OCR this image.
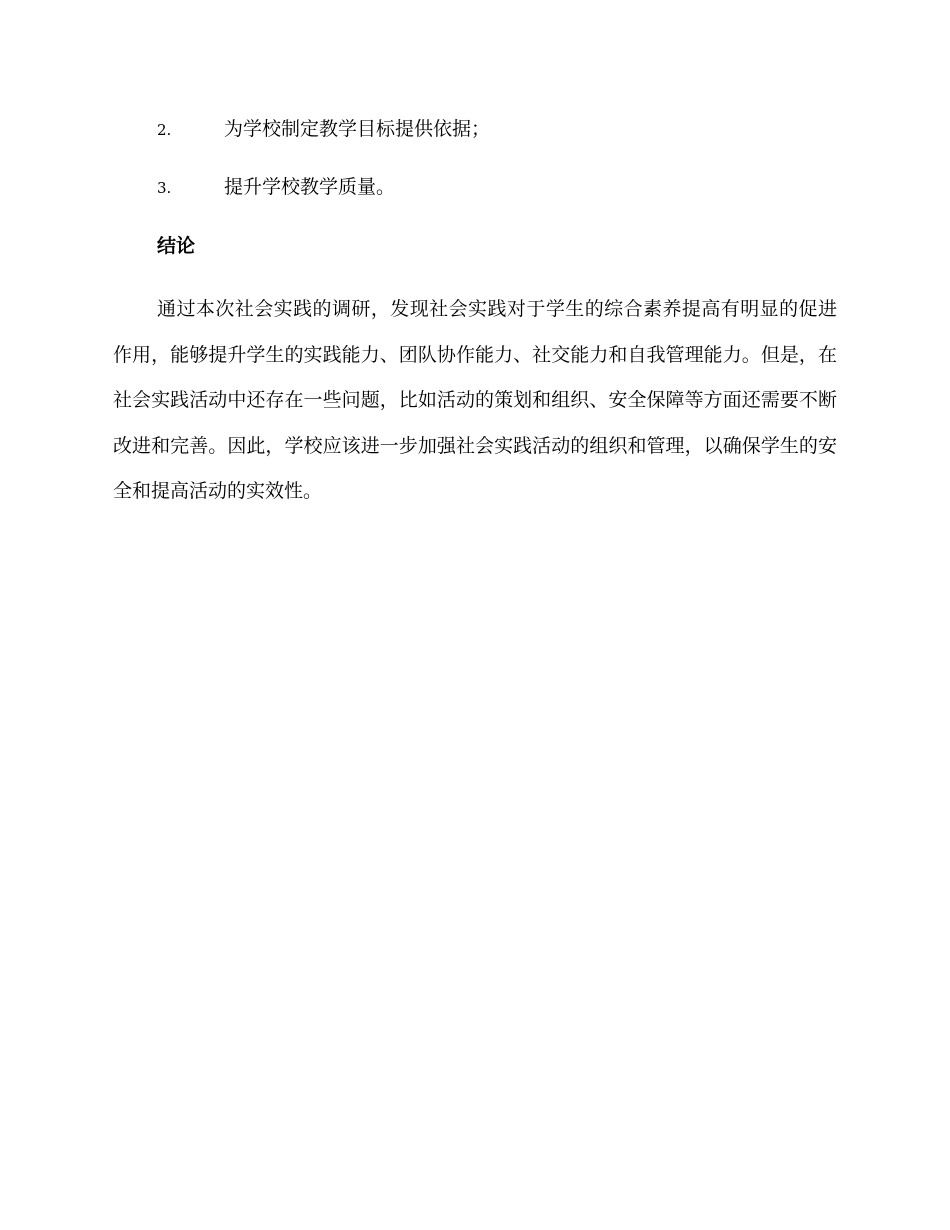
2.	为学校制定教学目标提供依据；
3.	提升学校教学质量。
结论

通过本次社会实践的调研，发现社会实践对于学生的综合素养提高有明显的促进作用，能够提升学生的实践能力、团队协作能力、社交能力和自我管理能力。但是，在社会实践活动中还存在一些问题，比如活动的策划和组织、安全保障等方面还需要不断改进和完善。因此，学校应该进一步加强社会实践活动的组织和管理，以确保学生的安全和提高活动的实效性。
